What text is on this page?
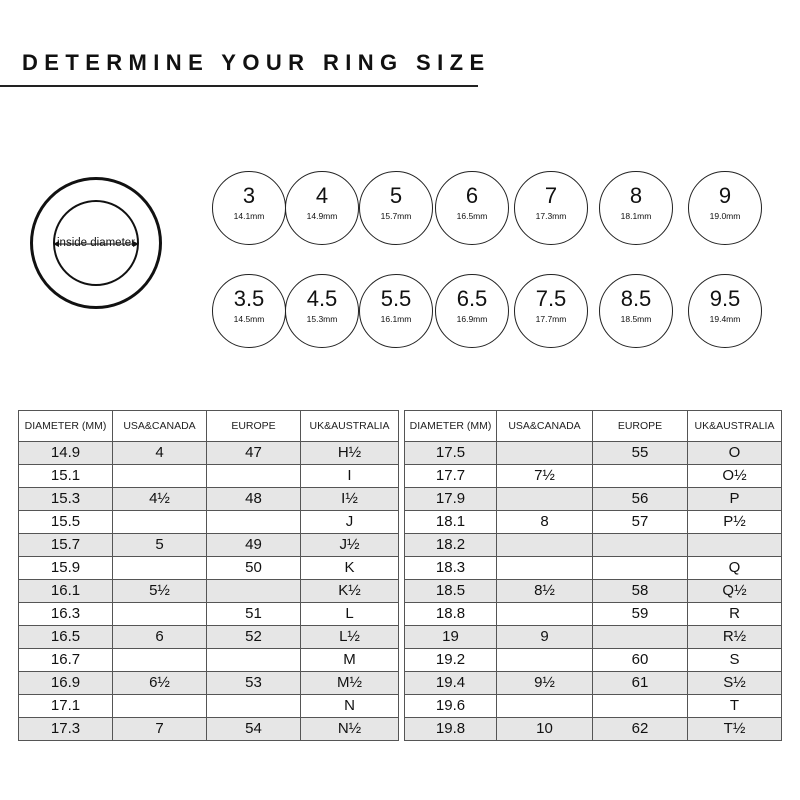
DETERMINE YOUR RING SIZE
inside diameter
3
14.1mm
4
14.9mm
5
15.7mm
6
16.5mm
7
17.3mm
8
18.1mm
9
19.0mm
3.5
14.5mm
4.5
15.3mm
5.5
16.1mm
6.5
16.9mm
7.5
17.7mm
8.5
18.5mm
9.5
19.4mm
DIAMETER (MM)	USA&CANADA	EUROPE	UK&AUSTRALIA		DIAMETER (MM)	USA&CANADA	EUROPE	UK&AUSTRALIA
14.9	4	47	H½		17.5		55	O
15.1			I		17.7	7½		O½
15.3	4½	48	I½		17.9		56	P
15.5			J		18.1	8	57	P½
15.7	5	49	J½		18.2			
15.9		50	K		18.3			Q
16.1	5½		K½		18.5	8½	58	Q½
16.3		51	L		18.8		59	R
16.5	6	52	L½		19	9		R½
16.7			M		19.2		60	S
16.9	6½	53	M½		19.4	9½	61	S½
17.1			N		19.6			T
17.3	7	54	N½		19.8	10	62	T½
